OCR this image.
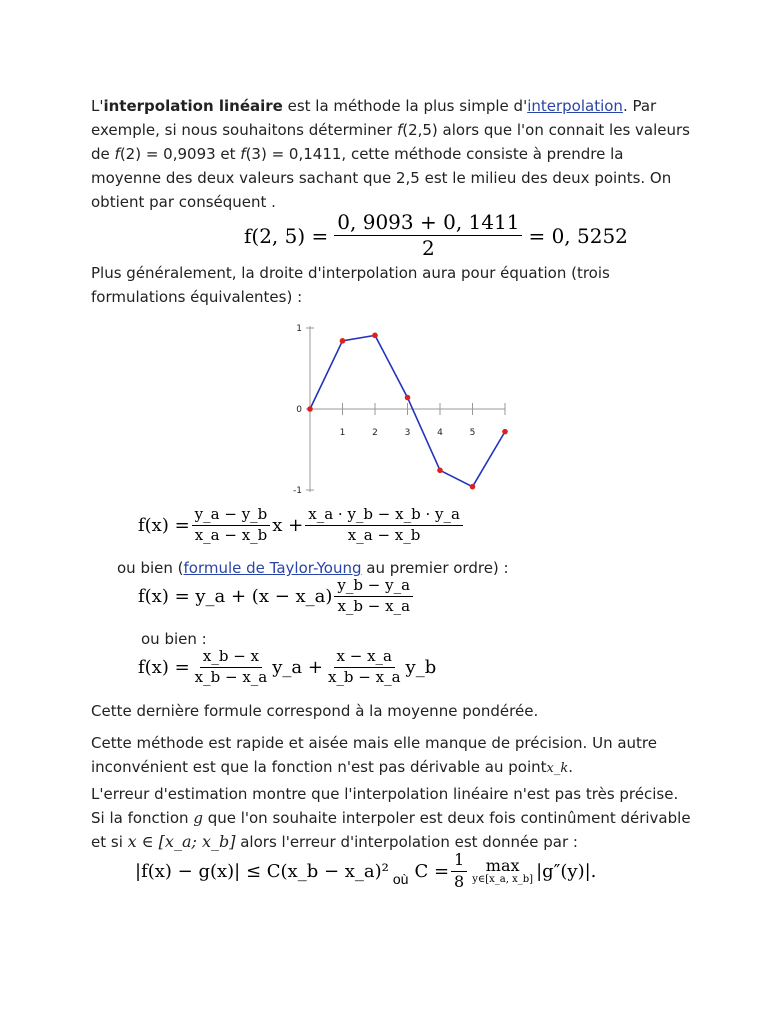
L'interpolation linéaire est la méthode la plus simple d'interpolation. Par exemple, si nous souhaitons déterminer f(2,5) alors que l'on connait les valeurs de f(2) = 0,9093 et f(3) = 0,1411, cette méthode consiste à prendre la moyenne des deux valeurs sachant que 2,5 est le milieu des deux points. On obtient par conséquent .
f(2, $5) = \frac{0, 9093 + 0, 1411}{2} = 0$, 5252
Plus généralement, la droite d'interpolation aura pour équation (trois formulations équivalentes) :
1
0
-1
1	2	3	4	5
$f(x) = \frac{y\_a - y\_b}{x\_a - x\_b}$ $x + \frac{x\_a \cdot y\_b - x\_b \cdot y\_a}{x\_a - x\_b}$
ou bien (formule de Taylor-Young au premier ordre) :
f(x) = y_a + (x − x_a) $\frac{y\_b - y\_a}{x\_b - x\_a}$
ou bien :
$f(x) = \frac{x\_b - x}{x\_b - x\_a}$ y_a + $\frac{x - x\_a}{x\_b - x\_a}$ y_b
Cette dernière formule correspond à la moyenne pondérée.
Cette méthode est rapide et aisée mais elle manque de précision. Un autre inconvénient est que la fonction n'est pas dérivable au pointx_k.
L'erreur d'estimation montre que l'interpolation linéaire n'est pas très précise. Si la fonction g que l'on souhaite interpoler est deux fois continûment dérivable et si x ∈ [x_a; x_b] alors l'erreur d'interpolation est donnée par :
|f(x) − g(x)| ≤ C(x_b − x_a)² où $C = \frac{1}{8}$ max
y∈[x_a, x_b] |g″(y)|.
